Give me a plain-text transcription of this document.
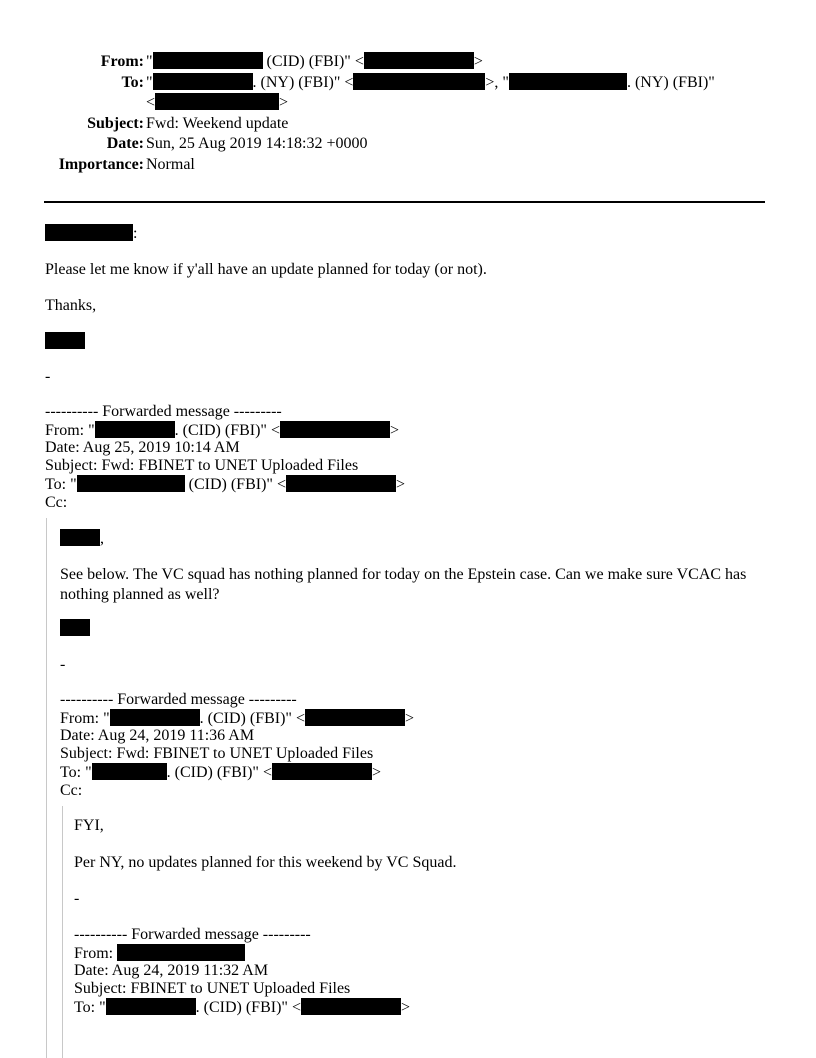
From: "	(CID) (FBI)" <	>
To: "	. (NY) (FBI)" <	>, "	. (NY) (FBI)"
<	>
Subject: Fwd: Weekend update
Date: Sun, 25 Aug 2019 14:18:32 +0000
Importance: Normal
:
Please let me know if y'all have an update planned for today (or not).
Thanks,
-
---------- Forwarded message ---------
From: "	. (CID) (FBI)" <	>
Date: Aug 25, 2019 10:14 AM
Subject: Fwd: FBINET to UNET Uploaded Files
To: "	(CID) (FBI)" <	>
Cc:
,
See below. The VC squad has nothing planned for today on the Epstein case. Can we make sure VCAC has nothing planned as well?
-
---------- Forwarded message ---------
From: "	. (CID) (FBI)" <	>
Date: Aug 24, 2019 11:36 AM
Subject: Fwd: FBINET to UNET Uploaded Files
To: "	. (CID) (FBI)" <	>
Cc:
FYI,
Per NY, no updates planned for this weekend by VC Squad.
-
---------- Forwarded message ---------
From:
Date: Aug 24, 2019 11:32 AM
Subject: FBINET to UNET Uploaded Files
To: "	. (CID) (FBI)" <	>
